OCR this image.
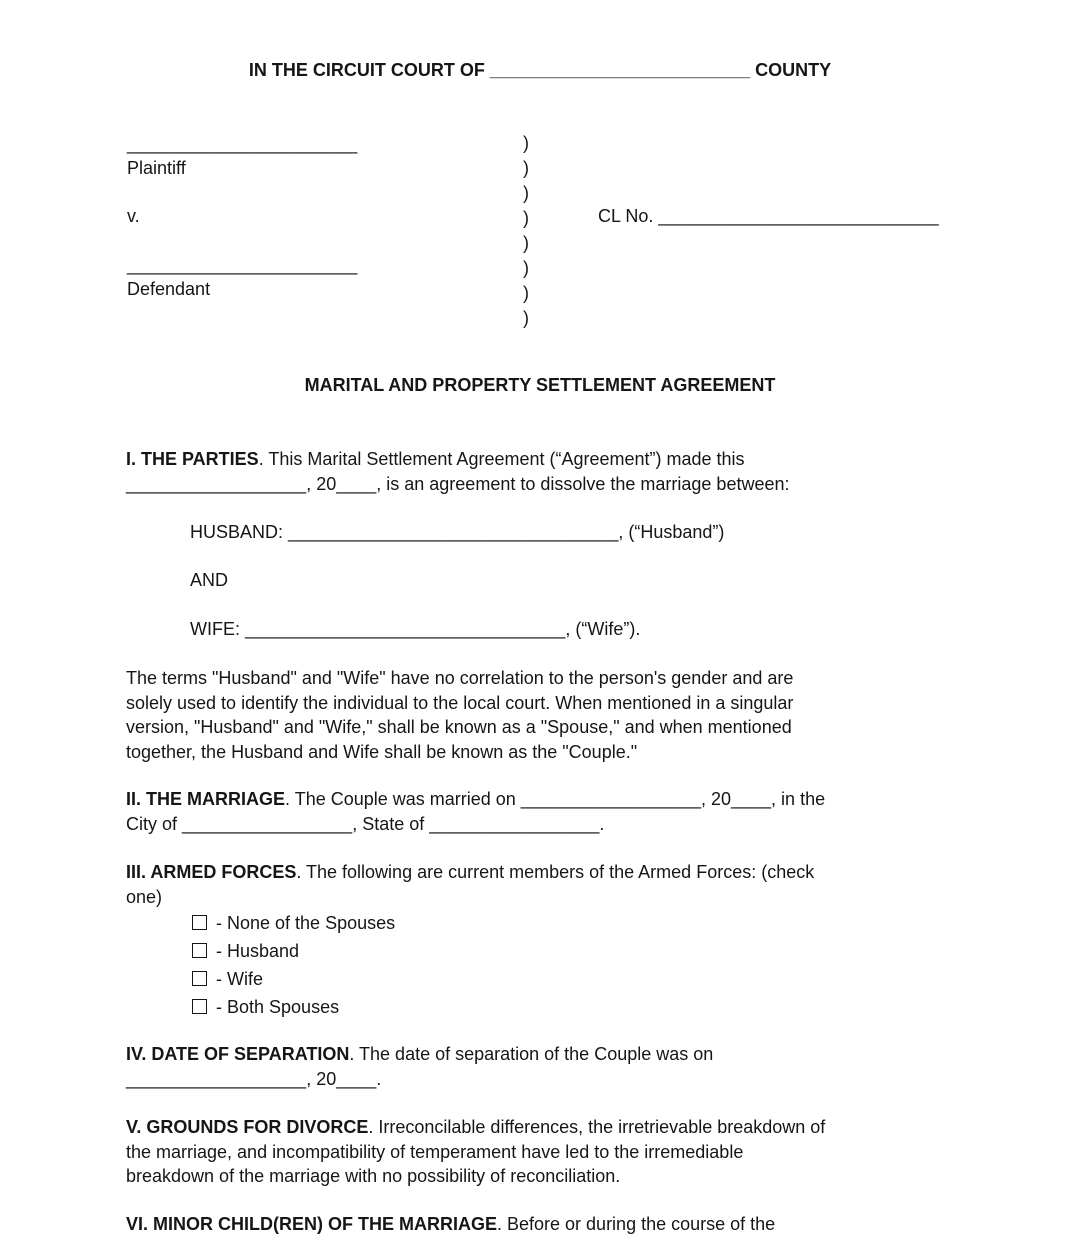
IN THE CIRCUIT COURT OF __________________________ COUNTY
_______________________
Plaintiff
v.
_______________________
Defendant
)
)
)
)
)
)
)
)
CL No. ____________________________
MARITAL AND PROPERTY SETTLEMENT AGREEMENT
I. THE PARTIES. This Marital Settlement Agreement (“Agreement”) made this
__________________, 20____, is an agreement to dissolve the marriage between:
HUSBAND: _________________________________, (“Husband”)
AND
WIFE: ________________________________, (“Wife”).
The terms "Husband" and "Wife" have no correlation to the person's gender and are
solely used to identify the individual to the local court. When mentioned in a singular
version, "Husband" and "Wife," shall be known as a "Spouse," and when mentioned
together, the Husband and Wife shall be known as the "Couple."
II. THE MARRIAGE. The Couple was married on __________________, 20____, in the
City of _________________, State of _________________.
III. ARMED FORCES. The following are current members of the Armed Forces: (check
one)
- None of the Spouses
- Husband
- Wife
- Both Spouses
IV. DATE OF SEPARATION. The date of separation of the Couple was on
__________________, 20____.
V. GROUNDS FOR DIVORCE. Irreconcilable differences, the irretrievable breakdown of
the marriage, and incompatibility of temperament have led to the irremediable
breakdown of the marriage with no possibility of reconciliation.
VI. MINOR CHILD(REN) OF THE MARRIAGE. Before or during the course of the
